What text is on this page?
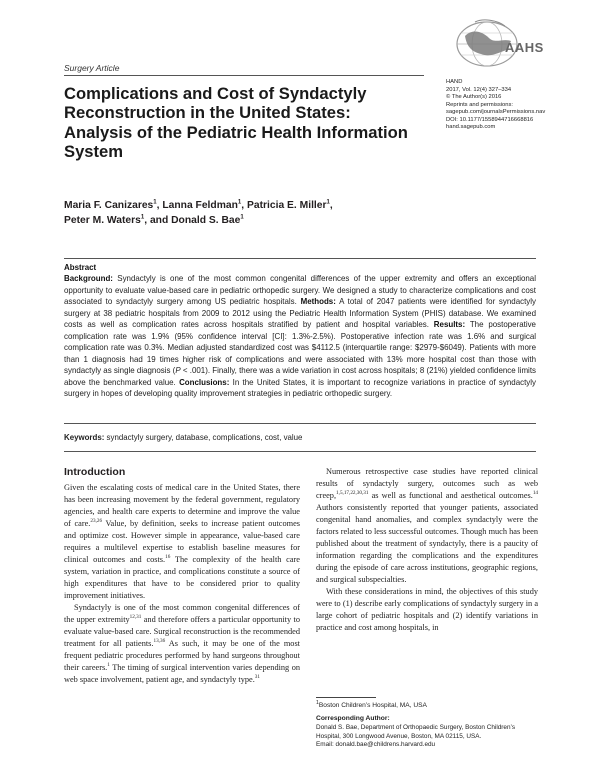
AAHS
Surgery Article
HAND
2017, Vol. 12(4) 327–334
© The Author(s) 2016
Reprints and permissions:
sagepub.com/journalsPermissions.nav
DOI: 10.1177/1558944716668816
hand.sagepub.com
Complications and Cost of Syndactyly Reconstruction in the United States: Analysis of the Pediatric Health Information System
Maria F. Canizares$^1$, Lanna Feldman$^1$, Patricia E. Miller$^1$,
Peter M. Waters$^1$, and Donald S. Bae$^1$
Abstract
Background: Syndactyly is one of the most common congenital differences of the upper extremity and offers an exceptional opportunity to evaluate value-based care in pediatric orthopedic surgery. We designed a study to characterize complications and cost associated to syndactyly surgery among US pediatric hospitals. Methods: A total of 2047 patients were identified for syndactyly surgery at 38 pediatric hospitals from 2009 to 2012 using the Pediatric Health Information System (PHIS) database. We examined costs as well as complication rates across hospitals stratified by patient and hospital variables. Results: The postoperative complication rate was 1.9% (95% confidence interval [CI]: 1.3%-2.5%). Postoperative infection rate was 1.6% and surgical complication rate was 0.3%. Median adjusted standardized cost was $4112.5 (interquartile range: $2979-$6049). Patients with more than 1 diagnosis had 19 times higher risk of complications and were associated with 13% more hospital cost than those with syndactyly as single diagnosis (P < .001). Finally, there was a wide variation in cost across hospitals; 8 (21%) yielded confidence limits above the benchmarked value. Conclusions: In the United States, it is important to recognize variations in practice of syndactyly surgery in hopes of developing quality improvement strategies in pediatric orthopedic surgery.
Keywords: syndactyly surgery, database, complications, cost, value
Introduction

Given the escalating costs of medical care in the United States, there has been increasing movement by the federal government, regulatory agencies, and health care experts to determine and improve the value of care.$^{23,26}$ Value, by definition, seeks to increase patient outcomes and optimize cost. However simple in appearance, value-based care requires a multilevel expertise to establish baseline measures for clinical outcomes and costs.$^{16}$ The complexity of the health care system, variation in practice, and complications constitute a source of high expenditures that have to be considered prior to quality improvement initiatives.

Syndactyly is one of the most common congenital differences of the upper extremity$^{12,31}$ and therefore offers a particular opportunity to evaluate value-based care. Surgical reconstruction is the recommended treatment for all patients.$^{13,36}$ As such, it may be one of the most frequent pediatric procedures performed by hand surgeons throughout their careers.$^1$ The timing of surgical intervention varies depending on web space involvement, patient age, and syndactyly type.$^{31}$

Numerous retrospective case studies have reported clinical results of syndactyly surgery, outcomes such as web creep,$^{1,5,17,22,30,31}$ as well as functional and aesthetical outcomes.$^{14}$ Authors consistently reported that younger patients, associated congenital hand anomalies, and complex syndactyly were the factors related to less successful outcomes. Though much has been published about the treatment of syndactyly, there is a paucity of information regarding the complications and the expenditures during the episode of care across institutions, geographic regions, and surgical subspecialties.

With these considerations in mind, the objectives of this study were to (1) describe early complications of syndactyly surgery in a large cohort of pediatric hospitals and (2) identify variations in practice and cost among hospitals, in

$^1$Boston Children’s Hospital, MA, USA
Corresponding Author:
Donald S. Bae, Department of Orthopaedic Surgery, Boston Children’s Hospital, 300 Longwood Avenue, Boston, MA 02115, USA.
Email: donald.bae@childrens.harvard.edu
